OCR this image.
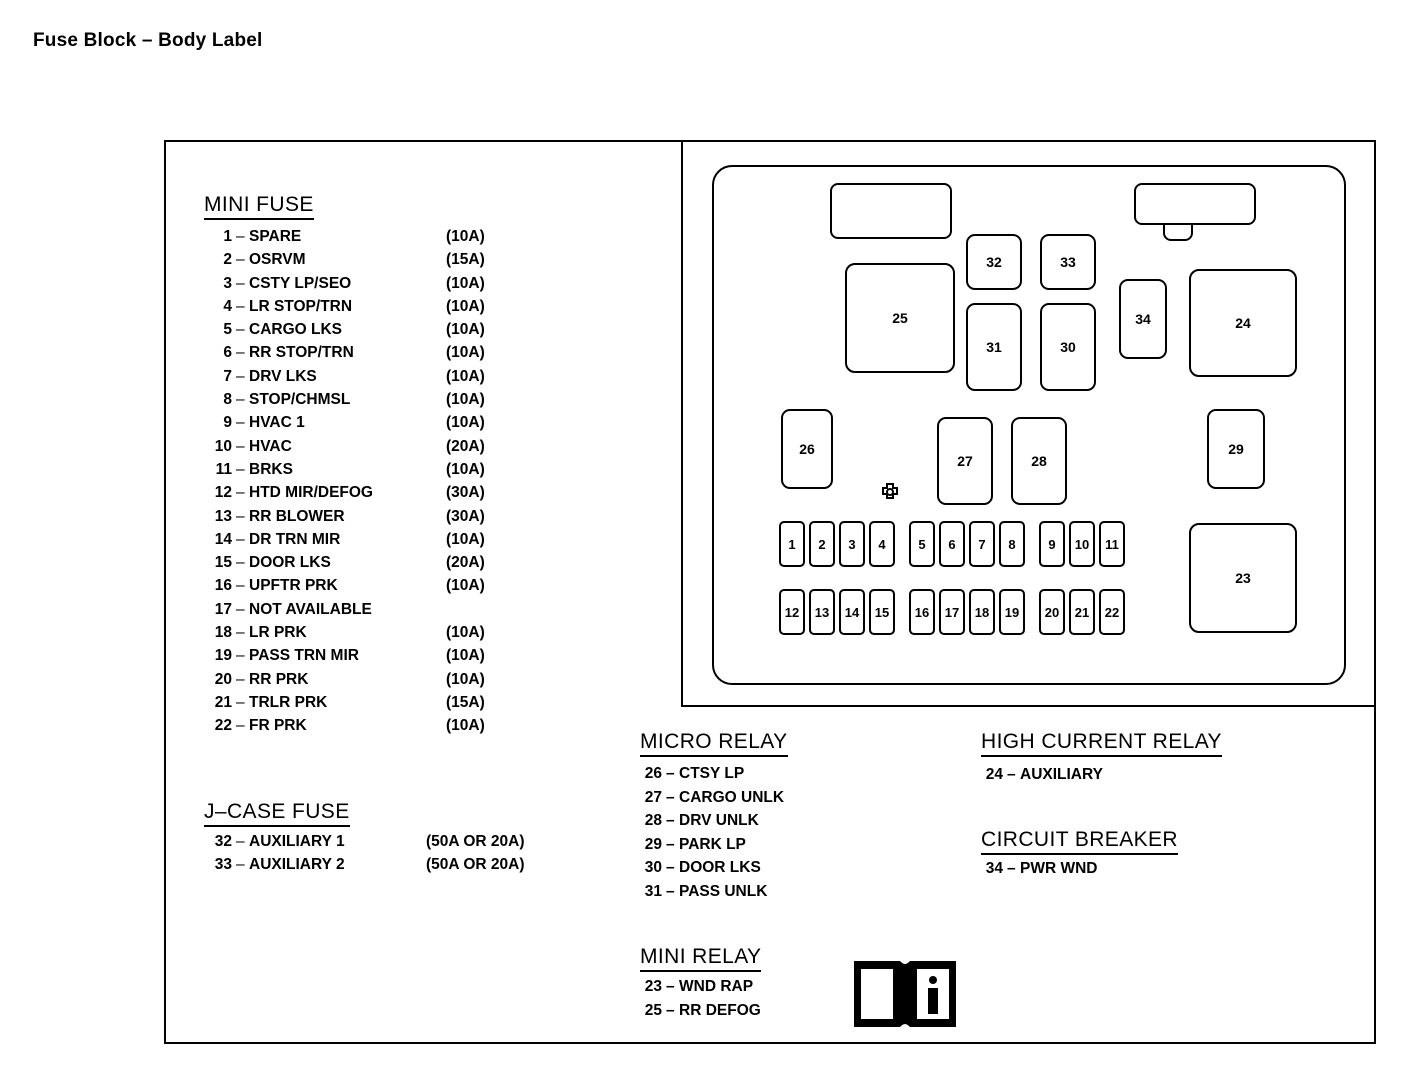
Fuse Block – Body Label
MINI FUSE
1 – SPARE	(10A)
2 – OSRVM	(15A)
3 – CSTY LP/SEO	(10A)
4 – LR STOP/TRN	(10A)
5 – CARGO LKS	(10A)
6 – RR STOP/TRN	(10A)
7 – DRV LKS	(10A)
8 – STOP/CHMSL	(10A)
9 – HVAC 1	(10A)
10 – HVAC	(20A)
11 – BRKS	(10A)
12 – HTD MIR/DEFOG	(30A)
13 – RR BLOWER	(30A)
14 – DR TRN MIR	(10A)
15 – DOOR LKS	(20A)
16 – UPFTR PRK	(10A)
17 – NOT AVAILABLE
18 – LR PRK	(10A)
19 – PASS TRN MIR	(10A)
20 – RR PRK	(10A)
21 – TRLR PRK	(15A)
22 – FR PRK	(10A)
J–CASE FUSE
32 – AUXILIARY 1	(50A OR 20A)
33 – AUXILIARY 2	(50A OR 20A)
MICRO RELAY
26 – CTSY LP
27 – CARGO UNLK
28 – DRV UNLK
29 – PARK LP
30 – DOOR LKS
31 – PASS UNLK
MINI RELAY
23 – WND RAP
25 – RR DEFOG
HIGH CURRENT RELAY
24 – AUXILIARY
CIRCUIT BREAKER
34 – PWR WND
32	33
25
31	30
34	24
26
27	28
29
23
1 2 3 4	5 6 7 8	9 10 11
12 13 14 15 16 17 18 19 20 21 22
